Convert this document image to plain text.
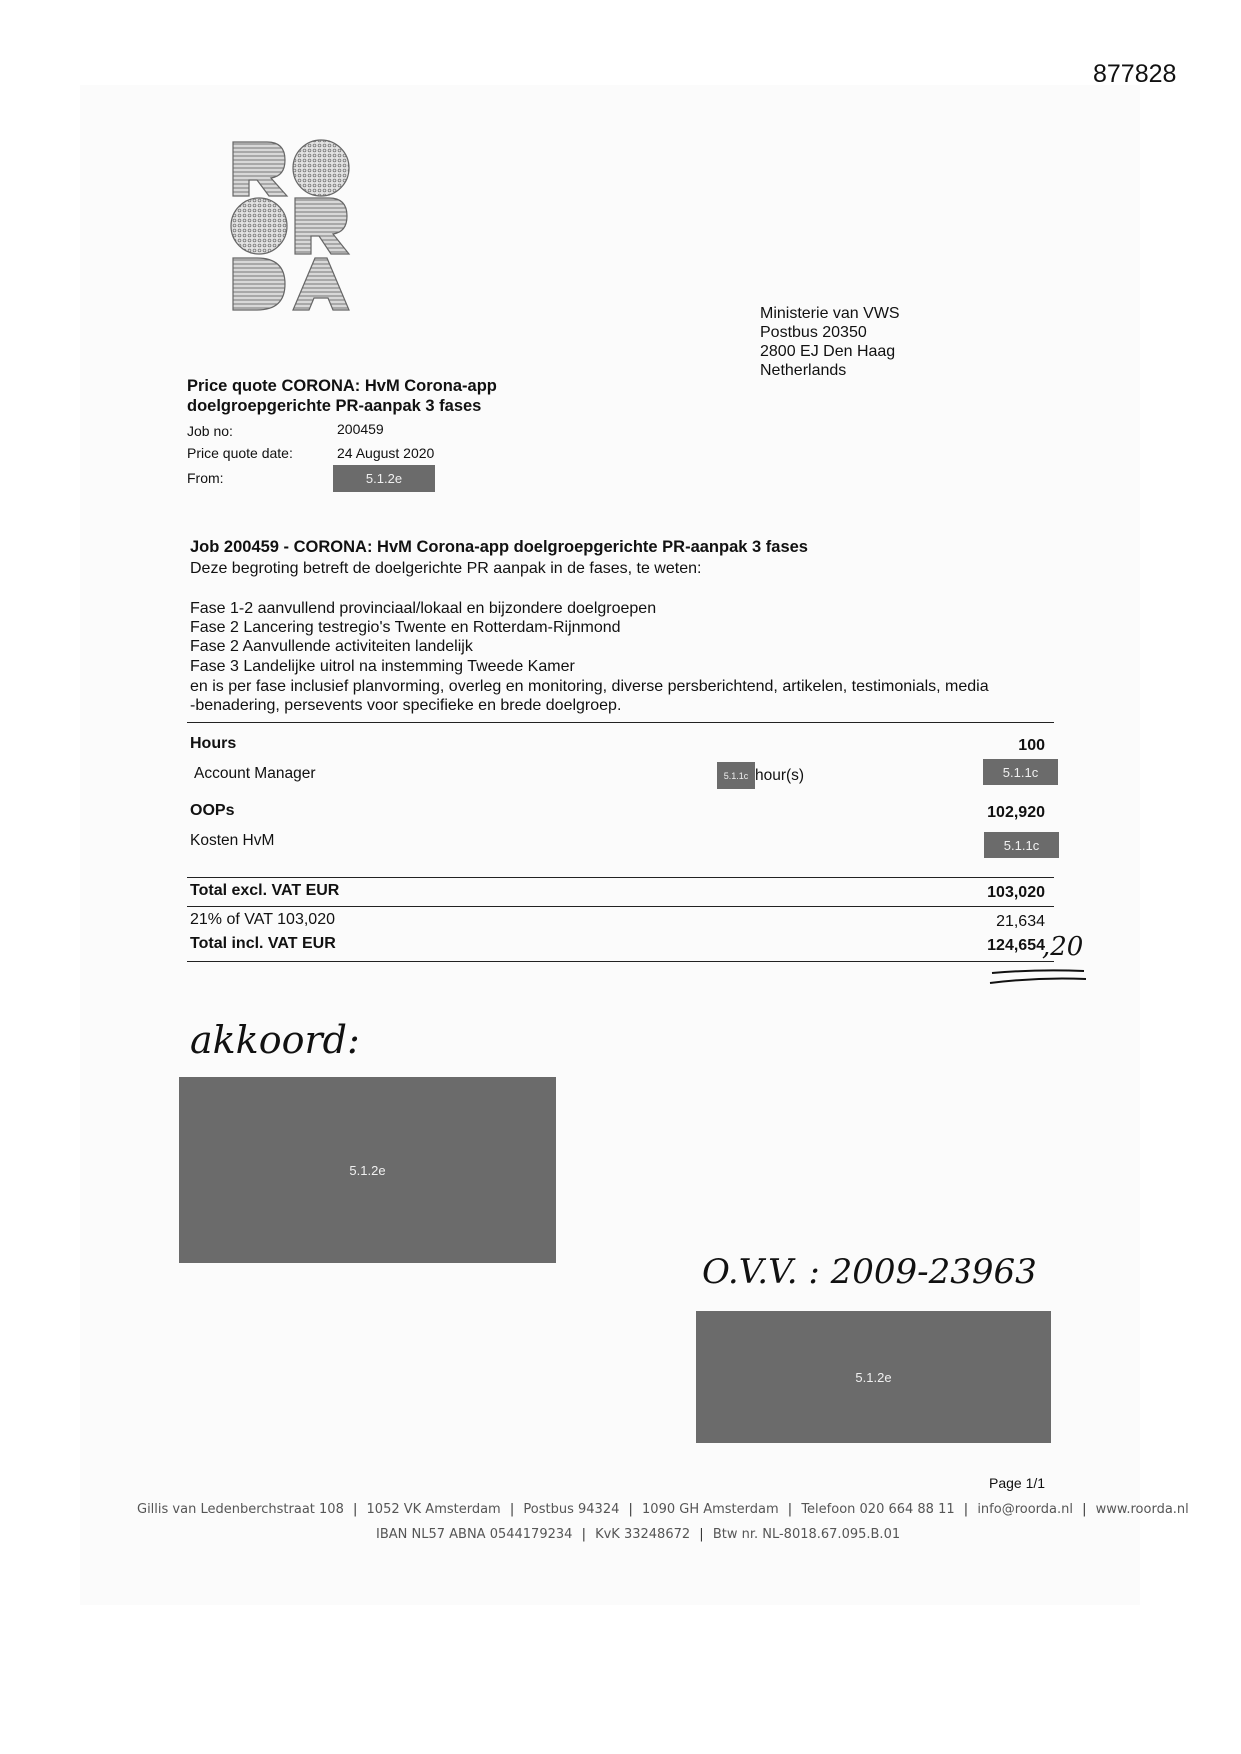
877828
Ministerie van VWS
Postbus 20350
2800 EJ Den Haag
Netherlands
Price quote CORONA: HvM Corona-app
doelgroepgerichte PR-aanpak 3 fases
Job no:	200459
Price quote date:	24 August 2020
From:	5.1.2e
Job 200459 - CORONA: HvM Corona-app doelgroepgerichte PR-aanpak 3 fases
Deze begroting betreft de doelgerichte PR aanpak in de fases, te weten:
Fase 1-2 aanvullend provinciaal/lokaal en bijzondere doelgroepen
Fase 2 Lancering testregio's Twente en Rotterdam-Rijnmond
Fase 2 Aanvullende activiteiten landelijk
Fase 3 Landelijke uitrol na instemming Tweede Kamer
en is per fase inclusief planvorming, overleg en monitoring, diverse persberichtend, artikelen, testimonials, media
-benadering, persevents voor specifieke en brede doelgroep.
Hours	100
Account Manager	5.1.1c hour(s)	5.1.1c
OOPs	102,920
Kosten HvM	5.1.1c
Total excl. VAT EUR	103,020
21% of VAT 103,020	21,634
Total incl. VAT EUR	124,654
,20
akkoord:
5.1.2e
O.V.V. : 2009-23963
5.1.2e
Page 1/1
Gillis van Ledenberchstraat 108 | 1052 VK Amsterdam | Postbus 94324 | 1090 GH Amsterdam | Telefoon 020 664 88 11 | info@roorda.nl | www.roorda.nl
IBAN NL57 ABNA 0544179234 | KvK 33248672 | Btw nr. NL-8018.67.095.B.01
